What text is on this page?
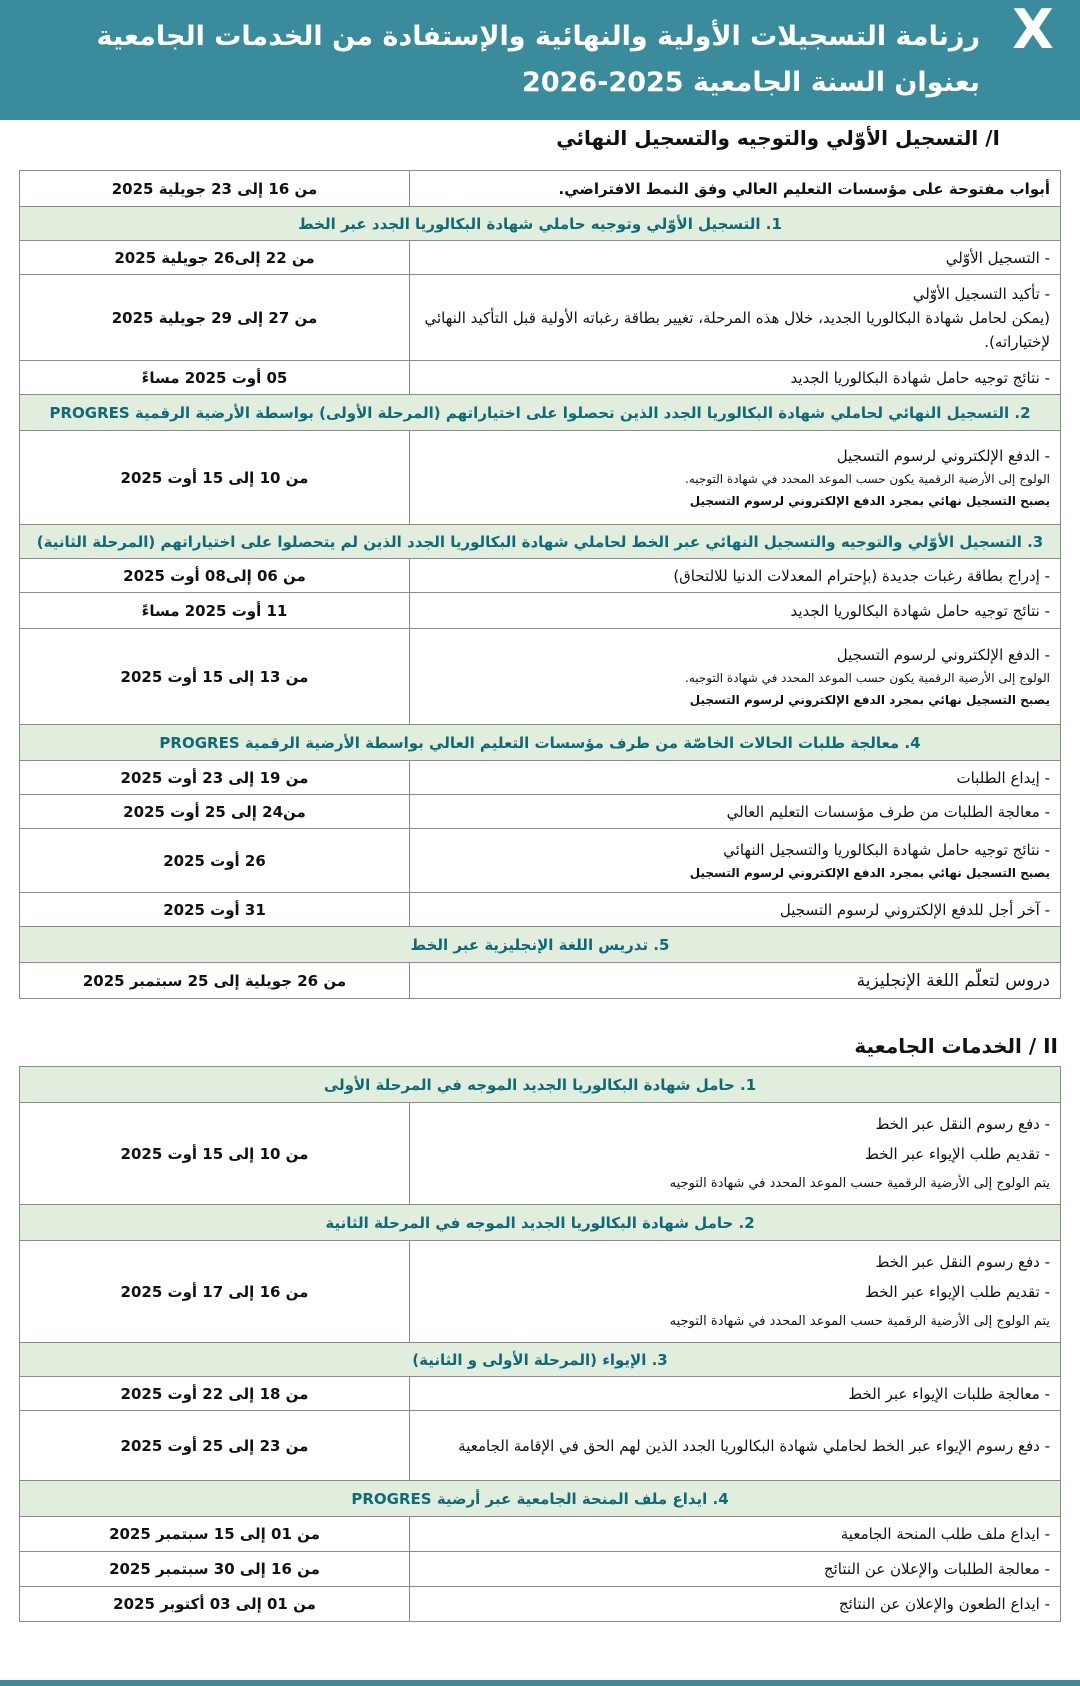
X
رزنامة التسجيلات الأولية والنهائية والإستفادة من الخدمات الجامعية بعنوان السنة الجامعية 2025-2026
I/ التسجيل الأوّلي والتوجيه والتسجيل النهائي
أبواب مفتوحة على مؤسسات التعليم العالي وفق النمط الافتراضي.	من 16 إلى 23 جويلية 2025
1. التسجيل الأوّلي وتوجيه حاملي شهادة البكالوريا الجدد عبر الخط	
- التسجيل الأوّلي	من 22 إلى26 جويلية 2025

- تأكيد التسجيل الأوّلي
(يمكن لحامل شهادة البكالوريا الجديد، خلال هذه المرحلة، تغيير بطاقة رغباته الأولية قبل التأكيد النهائي لإختياراته).	من 27 إلى 29 جويلية 2025
- نتائج توجيه حامل شهادة البكالوريا الجديد	05 أوت 2025 مساءً
2. التسجيل النهائي لحاملي شهادة البكالوريا الجدد الذين تحصلوا على اختياراتهم (المرحلة الأولى) بواسطة الأرضية الرقمية PROGRES	

- الدفع الإلكتروني لرسوم التسجيل
الولوج إلى الأرضية الرقمية يكون حسب الموعد المحدد في شهادة التوجيه.
يصبح التسجيل نهائي بمجرد الدفع الإلكتروني لرسوم التسجيل	من 10 إلى 15 أوت 2025
3. التسجيل الأوّلي والتوجيه والتسجيل النهائي عبر الخط لحاملي شهادة البكالوريا الجدد الذين لم يتحصلوا على اختياراتهم (المرحلة الثانية)	
- إدراج بطاقة رغبات جديدة (بإحترام المعدلات الدنيا للالتحاق)	من 06 إلى08 أوت 2025
- نتائج توجيه حامل شهادة البكالوريا الجديد	11 أوت 2025 مساءً

- الدفع الإلكتروني لرسوم التسجيل
الولوج إلى الأرضية الرقمية يكون حسب الموعد المحدد في شهادة التوجيه.
يصبح التسجيل نهائي بمجرد الدفع الإلكتروني لرسوم التسجيل	من 13 إلى 15 أوت 2025
4. معالجة طلبات الحالات الخاصّة من طرف مؤسسات التعليم العالي بواسطة الأرضية الرقمية PROGRES	
- إيداع الطلبات	من 19 إلى 23 أوت 2025
- معالجة الطلبات من طرف مؤسسات التعليم العالي	من24 إلى 25 أوت 2025

- نتائج توجيه حامل شهادة البكالوريا والتسجيل النهائي
يصبح التسجيل نهائي بمجرد الدفع الإلكتروني لرسوم التسجيل	26 أوت 2025
- آخر أجل للدفع الإلكتروني لرسوم التسجيل	31 أوت 2025
5. تدريس اللغة الإنجليزية عبر الخط	
دروس لتعلّم اللغة الإنجليزية	من 26 جويلية إلى 25 سبتمبر 2025
II / الخدمات الجامعية
1. حامل شهادة البكالوريا الجديد الموجه في المرحلة الأولى	

- دفع رسوم النقل عبر الخط
- تقديم طلب الإيواء عبر الخط
يتم الولوج إلى الأرضية الرقمية حسب الموعد المحدد في شهادة التوجيه	من 10 إلى 15 أوت 2025
2. حامل شهادة البكالوريا الجديد الموجه في المرحلة الثانية	

- دفع رسوم النقل عبر الخط
- تقديم طلب الإيواء عبر الخط
يتم الولوج إلى الأرضية الرقمية حسب الموعد المحدد في شهادة التوجيه	من 16 إلى 17 أوت 2025
3. الإيواء (المرحلة الأولى و الثانية)	
- معالجة طلبات الإيواء عبر الخط	من 18 إلى 22 أوت 2025
- دفع رسوم الإيواء عبر الخط لحاملي شهادة البكالوريا الجدد الذين لهم الحق في الإقامة الجامعية	من 23 إلى 25 أوت 2025
4. ايداع ملف المنحة الجامعية عبر أرضية PROGRES	
- ايداع ملف طلب المنحة الجامعية	من 01 إلى 15 سبتمبر 2025
- معالجة الطلبات والإعلان عن النتائج	من 16 إلى 30 سبتمبر 2025
- ايداع الطعون والإعلان عن النتائج	من 01 إلى 03 أكتوبر 2025
